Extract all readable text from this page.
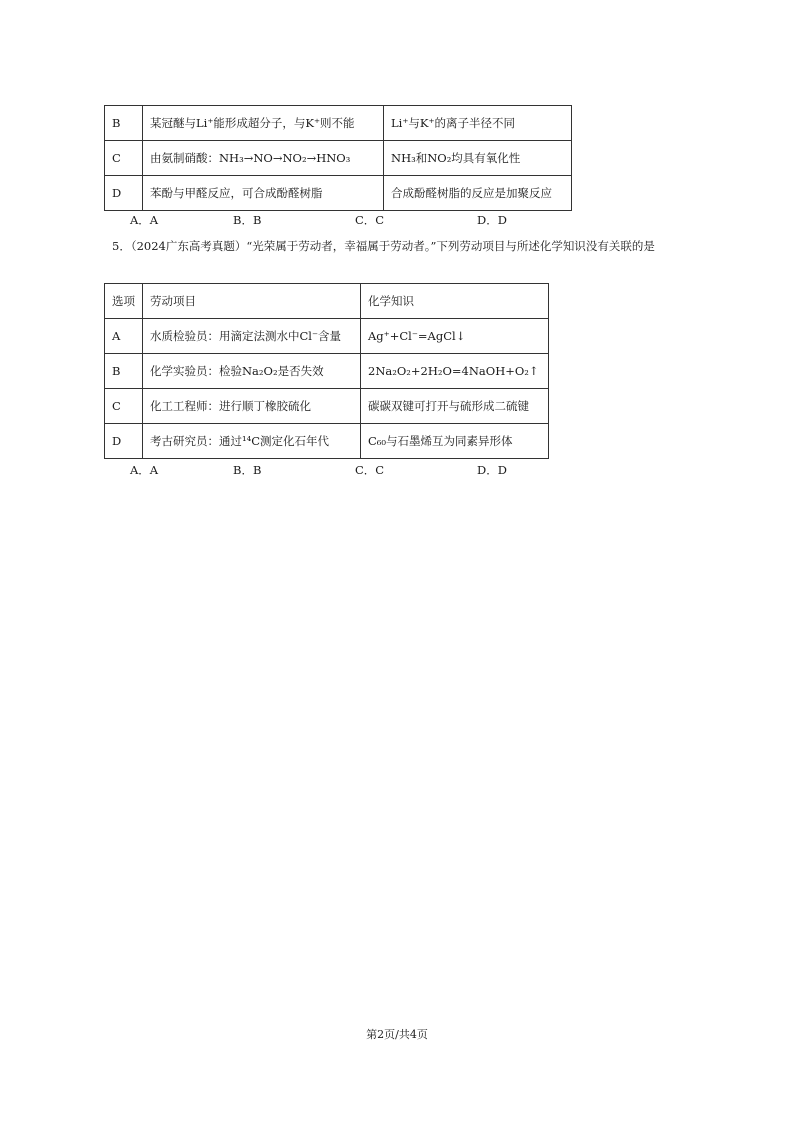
B	某冠醚与Li⁺能形成超分子，与K⁺则不能	Li⁺与K⁺的离子半径不同
C	由氨制硝酸：NH₃→NO→NO₂→HNO₃	NH₃和NO₂均具有氧化性
D	苯酚与甲醛反应，可合成酚醛树脂	合成酚醛树脂的反应是加聚反应
A．A	B．B	C．C	D．D
5．（2024广东高考真题）“光荣属于劳动者，幸福属于劳动者。”下列劳动项目与所述化学知识没有关联的是
选项	劳动项目	化学知识
A	水质检验员：用滴定法测水中Cl⁻含量	Ag⁺+Cl⁻=AgCl↓
B	化学实验员：检验Na₂O₂是否失效	2Na₂O₂+2H₂O=4NaOH+O₂↑
C	化工工程师：进行顺丁橡胶硫化	碳碳双键可打开与硫形成二硫键
D	考古研究员：通过¹⁴C测定化石年代	C₆₀与石墨烯互为同素异形体
A．A	B．B	C．C	D．D
第2页/共4页
